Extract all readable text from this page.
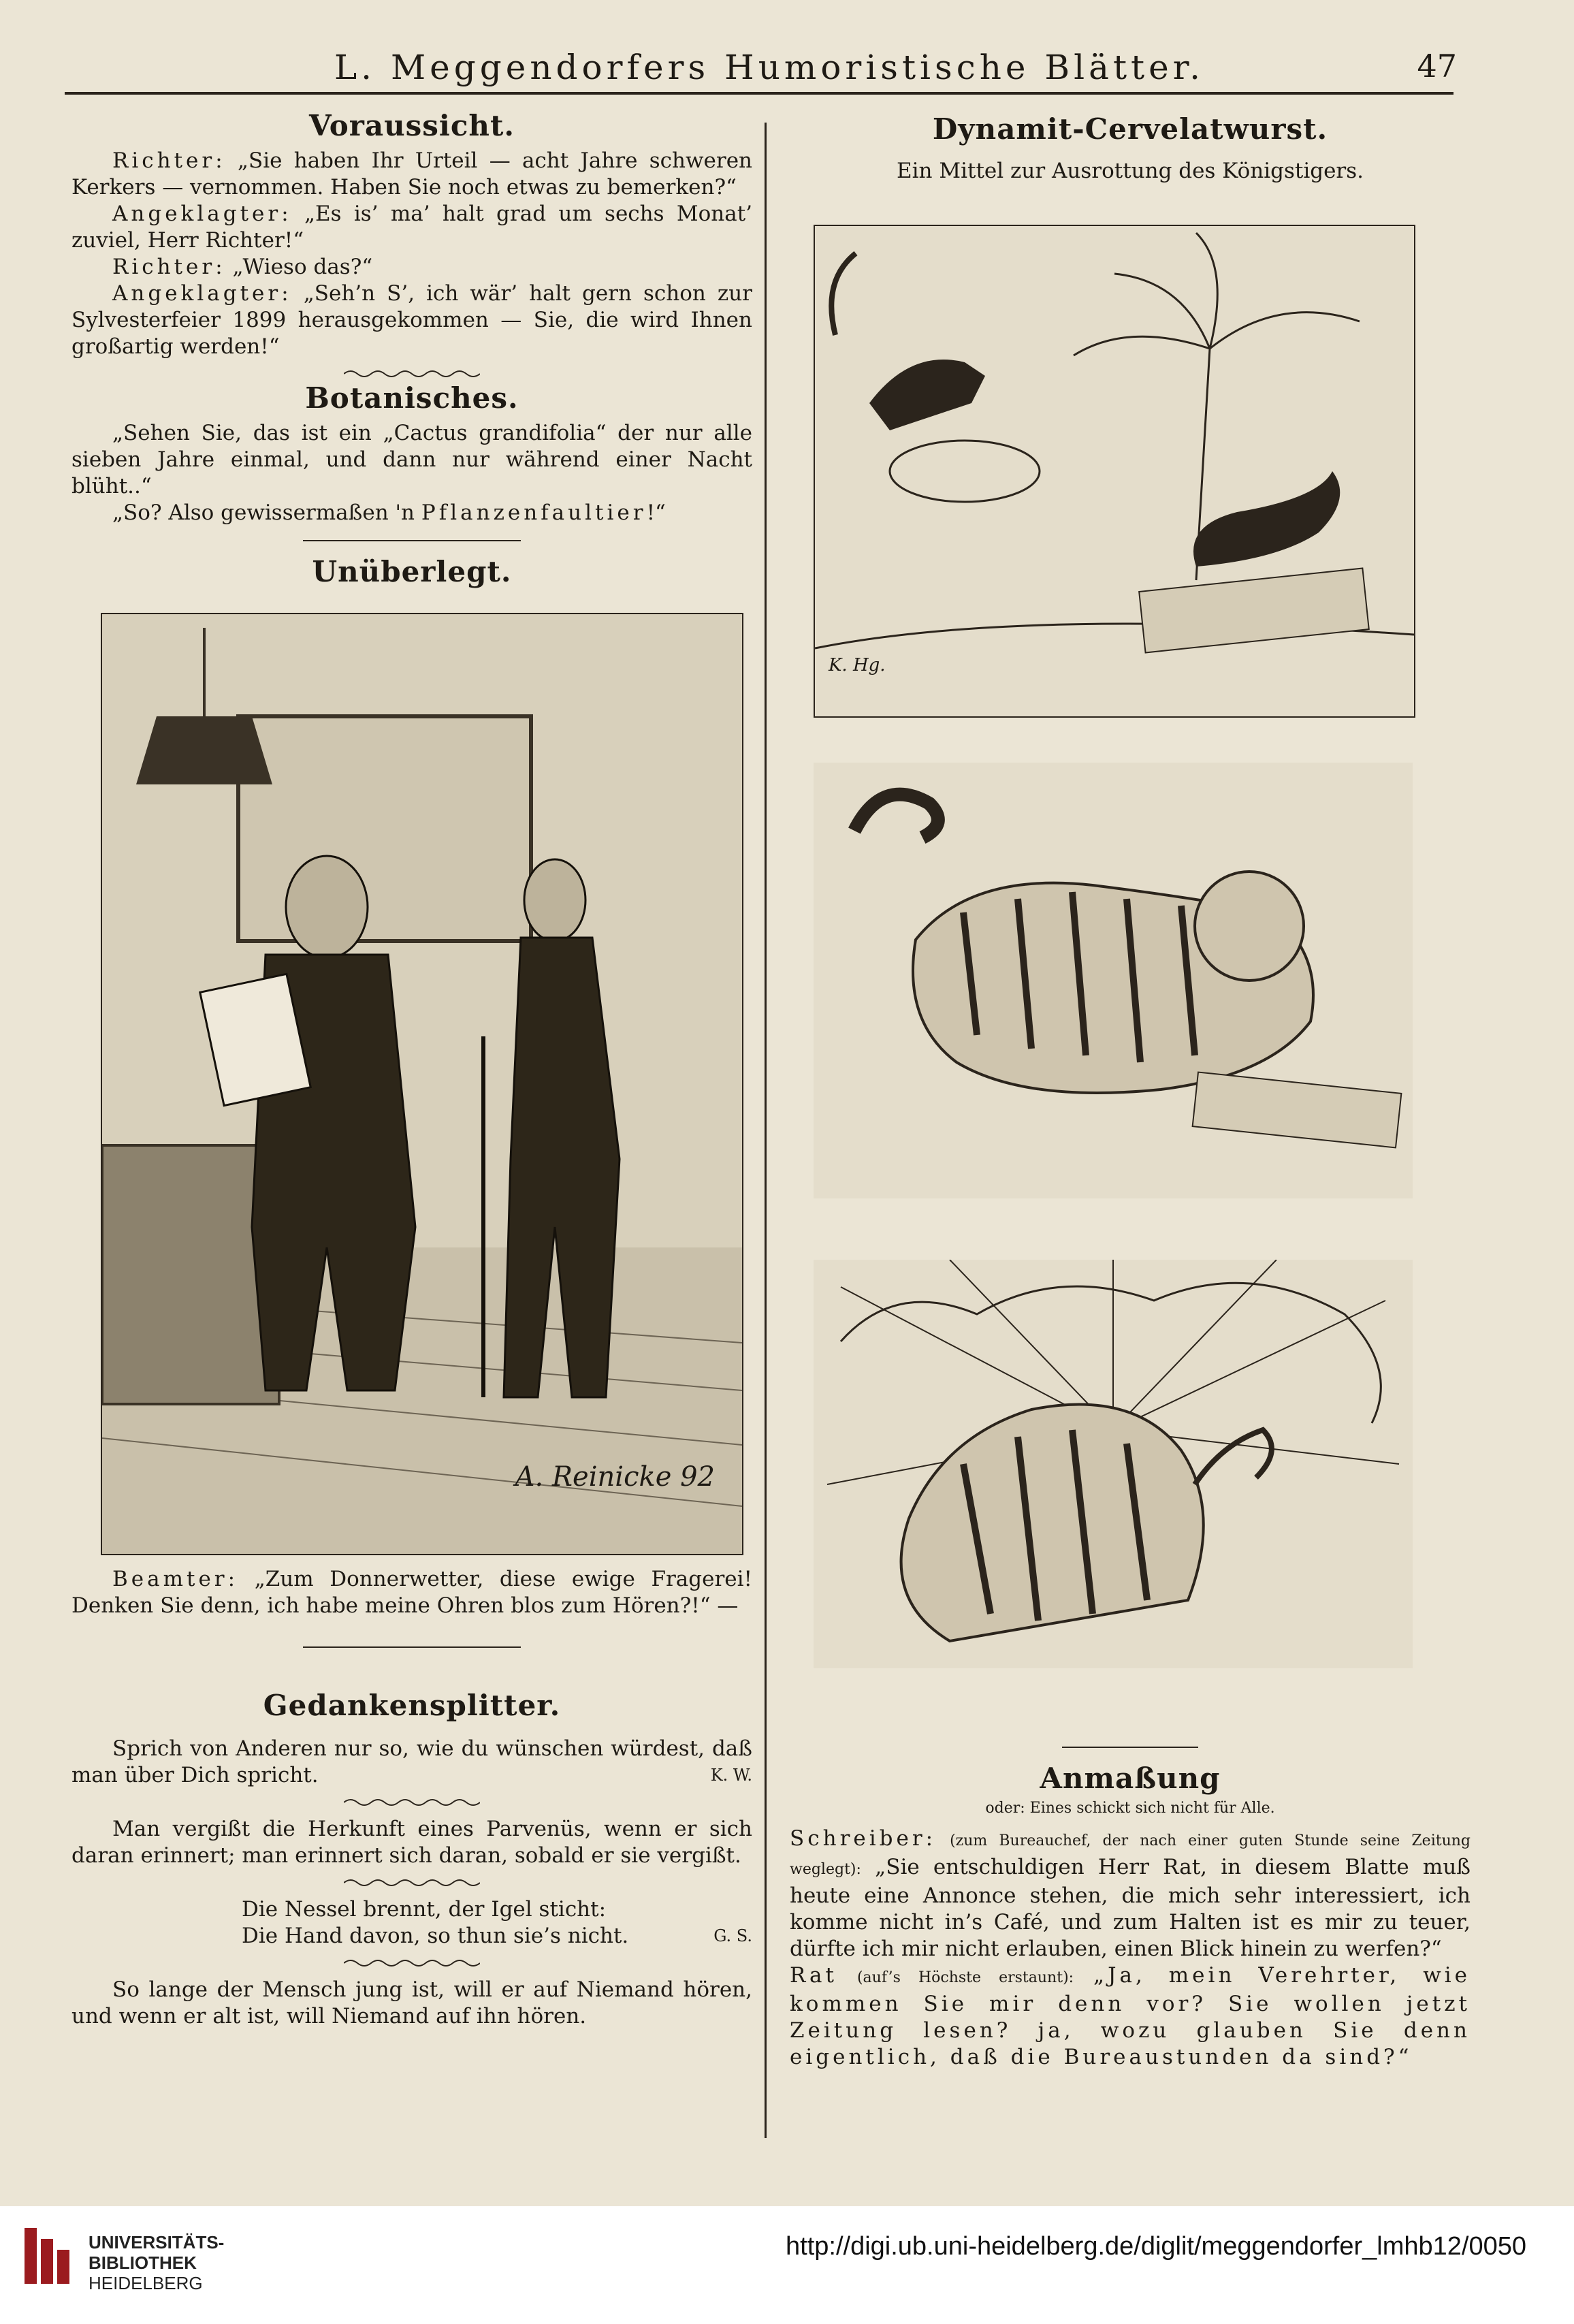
L. Meggendorfers Humoristische Blätter.	47
Voraussicht.

Richter: „Sie haben Ihr Urteil — acht Jahre schweren Kerkers — vernommen. Haben Sie noch etwas zu bemerken?“

Angeklagter: „Es is’ ma’ halt grad um sechs Monat’ zuviel, Herr Richter!“

Richter: „Wieso das?“

Angeklagter: „Seh’n S’, ich wär’ halt gern schon zur Sylvesterfeier 1899 herausgekommen — Sie, die wird Ihnen großartig werden!“

Botanisches.

„Sehen Sie, das ist ein „Cactus grandifolia“ der nur alle sieben Jahre einmal, und dann nur während einer Nacht blüht..“

„So? Also gewissermaßen 'n Pflanzenfaultier!“

Unüberlegt.
A. Reinicke 92

Beamter: „Zum Donnerwetter, diese ewige Fragerei! Denken Sie denn, ich habe meine Ohren blos zum Hören?!“ —

Gedankensplitter.

Sprich von Anderen nur so, wie du wünschen würdest, daß man über Dich spricht.	K. W.

Man vergißt die Herkunft eines Parvenüs, wenn er sich daran erinnert; man erinnert sich daran, sobald er sie vergißt.

Die Nessel brennt, der Igel sticht:
Die Hand davon, so thun sie’s nicht.	G. S.

So lange der Mensch jung ist, will er auf Niemand hören, und wenn er alt ist, will Niemand auf ihn hören.

Dynamit-Cervelatwurst.

Ein Mittel zur Ausrottung des Königstigers.

K. Hg.
Anmaßung

oder: Eines schickt sich nicht für Alle.

Schreiber: (zum Bureauchef, der nach einer guten Stunde seine Zeitung weglegt): „Sie entschuldigen Herr Rat, in diesem Blatte muß heute eine Annonce stehen, die mich sehr interessiert, ich komme nicht in’s Café, und zum Halten ist es mir zu teuer, dürfte ich mir nicht erlauben, einen Blick hinein zu werfen?“

Rat (auf’s Höchste erstaunt): „Ja, mein Verehrter, wie kommen Sie mir denn vor? Sie wollen jetzt Zeitung lesen? ja, wozu glauben Sie denn eigentlich, daß die Bureaustunden da sind?“

UNIVERSITÄTS-
BIBLIOTHEK
HEIDELBERG
http://digi.ub.uni-heidelberg.de/diglit/meggendorfer_lmhb12/0050
